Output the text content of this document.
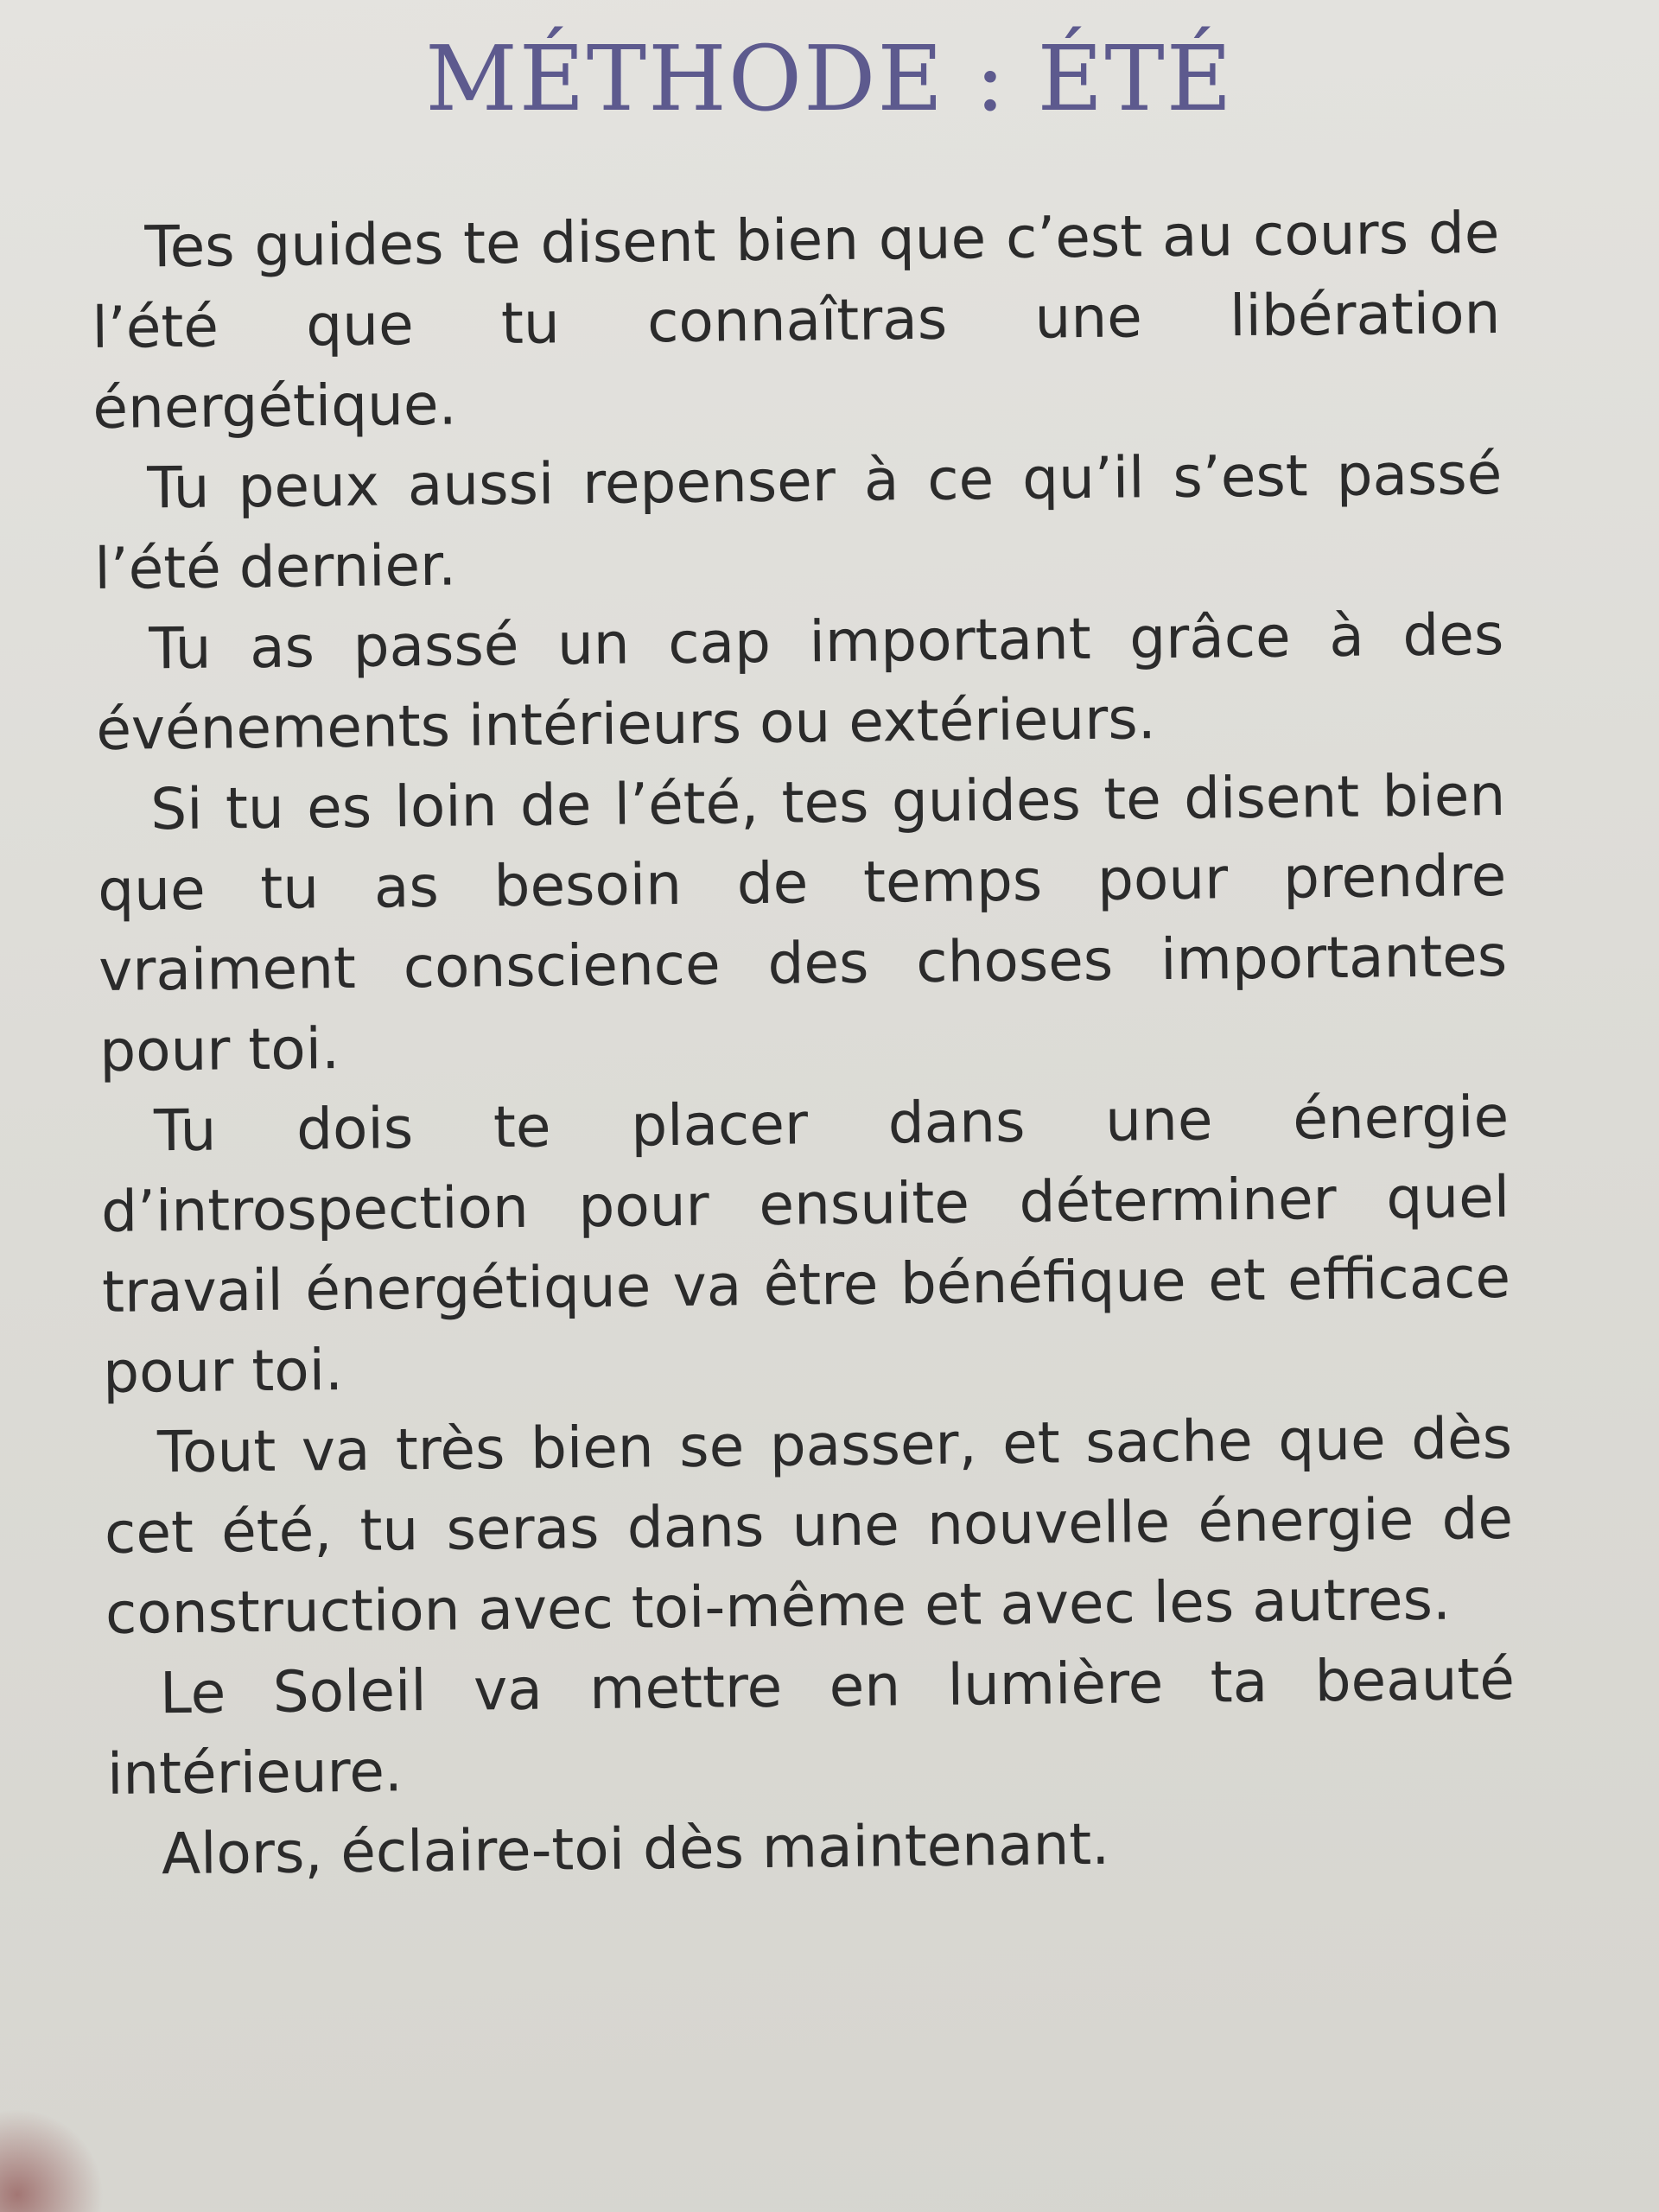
MÉTHODE : ÉTÉ

Tes guides te disent bien que c’est au cours de l’été que tu connaîtras une libération énergétique.

Tu peux aussi repenser à ce qu’il s’est passé l’été dernier.

Tu as passé un cap important grâce à des événements intérieurs ou extérieurs.

Si tu es loin de l’été, tes guides te disent bien que tu as besoin de temps pour prendre vraiment conscience des choses importantes pour toi.

Tu dois te placer dans une énergie d’introspection pour ensuite déterminer quel travail énergétique va être bénéfique et efficace pour toi.

Tout va très bien se passer, et sache que dès cet été, tu seras dans une nouvelle énergie de construction avec toi-même et avec les autres.

Le Soleil va mettre en lumière ta beauté intérieure.

Alors, éclaire-toi dès maintenant.
